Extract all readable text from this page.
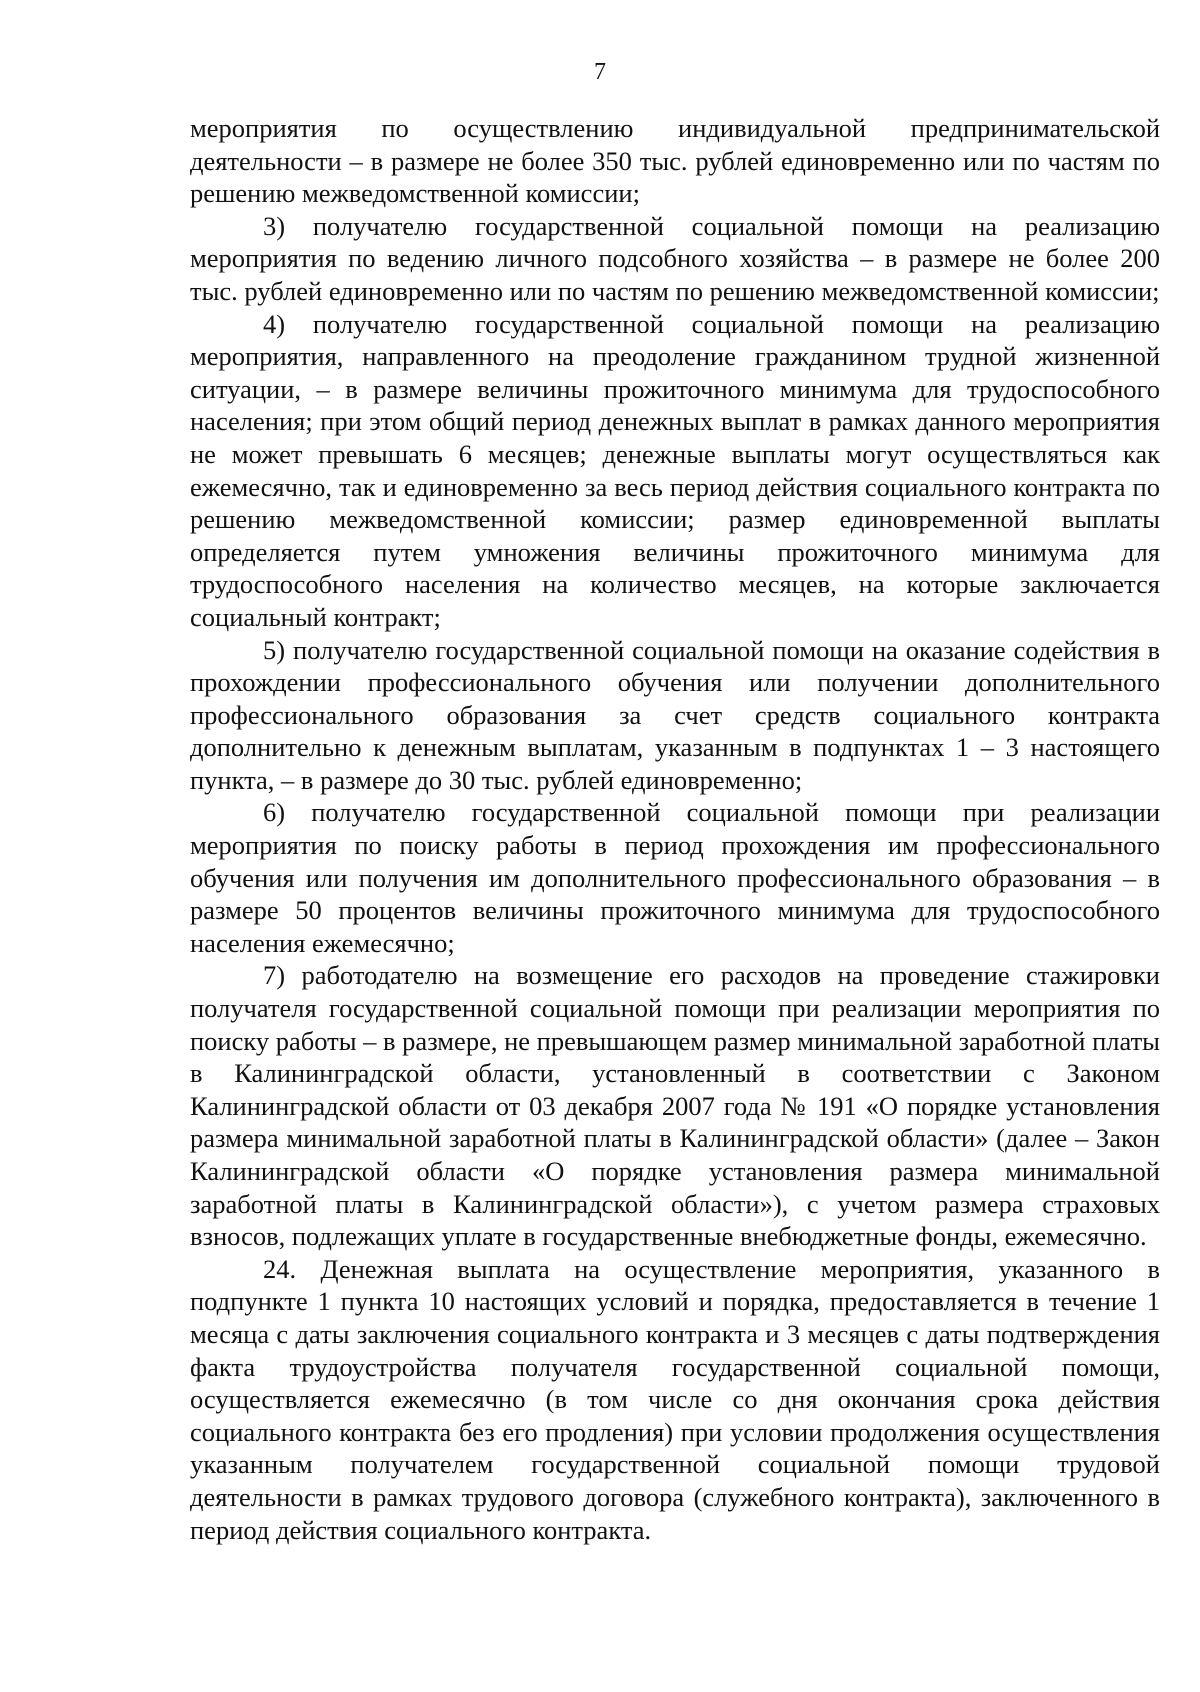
7

мероприятия по осуществлению индивидуальной предпринимательской деятельности – в размере не более 350 тыс. рублей единовременно или по частям по решению межведомственной комиссии;

3) получателю государственной социальной помощи на реализацию мероприятия по ведению личного подсобного хозяйства – в размере не более 200 тыс. рублей единовременно или по частям по решению межведомственной комиссии;

4) получателю государственной социальной помощи на реализацию мероприятия, направленного на преодоление гражданином трудной жизненной ситуации, – в размере величины прожиточного минимума для трудоспособного населения; при этом общий период денежных выплат в рамках данного мероприятия не может превышать 6 месяцев; денежные выплаты могут осуществляться как ежемесячно, так и единовременно за весь период действия социального контракта по решению межведомственной комиссии; размер единовременной выплаты определяется путем умножения величины прожиточного минимума для трудоспособного населения на количество месяцев, на которые заключается социальный контракт;

5) получателю государственной социальной помощи на оказание содействия в прохождении профессионального обучения или получении дополнительного профессионального образования за счет средств социального контракта дополнительно к денежным выплатам, указанным в подпунктах 1 – 3 настоящего пункта, – в размере до 30 тыс. рублей единовременно;

6) получателю государственной социальной помощи при реализации мероприятия по поиску работы в период прохождения им профессионального обучения или получения им дополнительного профессионального образования – в размере 50 процентов величины прожиточного минимума для трудоспособного населения ежемесячно;

7) работодателю на возмещение его расходов на проведение стажировки получателя государственной социальной помощи при реализации мероприятия по поиску работы – в размере, не превышающем размер минимальной заработной платы в Калининградской области, установленный в соответствии с Законом Калининградской области от 03 декабря 2007 года № 191 «О порядке установления размера минимальной заработной платы в Калининградской области» (далее – Закон Калининградской области «О порядке установления размера минимальной заработной платы в Калининградской области»), с учетом размера страховых взносов, подлежащих уплате в государственные внебюджетные фонды, ежемесячно.

24. Денежная выплата на осуществление мероприятия, указанного в подпункте 1 пункта 10 настоящих условий и порядка, предоставляется в течение 1 месяца с даты заключения социального контракта и 3 месяцев с даты подтверждения факта трудоустройства получателя государственной социальной помощи, осуществляется ежемесячно (в том числе со дня окончания срока действия социального контракта без его продления) при условии продолжения осуществления указанным получателем государственной социальной помощи трудовой деятельности в рамках трудового договора (служебного контракта), заключенного в период действия социального контракта.
